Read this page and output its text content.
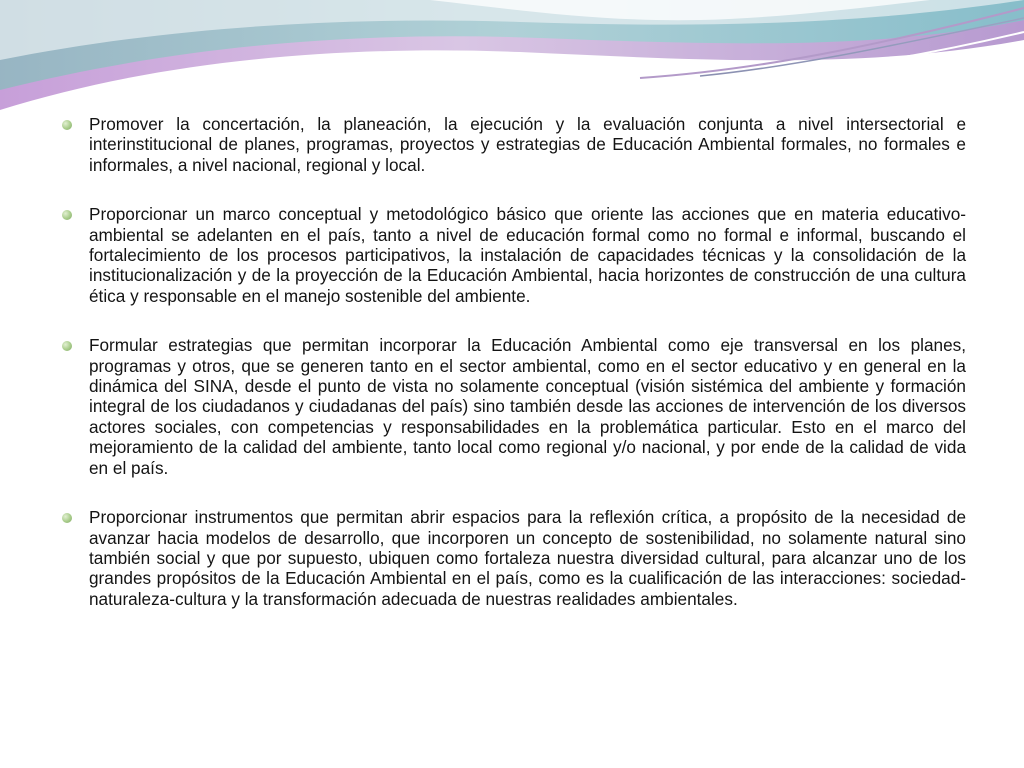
Promover la concertación, la planeación, la ejecución y la evaluación conjunta a nivel intersectorial e interinstitucional de planes, programas, proyectos y estrategias de Educación Ambiental formales, no formales e informales, a nivel nacional, regional y local.
Proporcionar un marco conceptual y metodológico básico que oriente las acciones que en materia educativo-ambiental se adelanten en el país, tanto a nivel de educación formal como no formal e informal, buscando el fortalecimiento de los procesos participativos, la instalación de capacidades técnicas y la consolidación de la institucionalización y de la proyección de la Educación Ambiental, hacia horizontes de construcción de una cultura ética y responsable en el manejo sostenible del ambiente.
Formular estrategias que permitan incorporar la Educación Ambiental como eje transversal en los planes, programas y otros, que se generen tanto en el sector ambiental, como en el sector educativo y en general en la dinámica del SINA, desde el punto de vista no solamente conceptual (visión sistémica del ambiente y formación integral de los ciudadanos y ciudadanas del país) sino también desde las acciones de intervención de los diversos actores sociales, con competencias y responsabilidades en la problemática particular. Esto en el marco del mejoramiento de la calidad del ambiente, tanto local como regional y/o nacional, y por ende de la calidad de vida en el país.
Proporcionar instrumentos que permitan abrir espacios para la reflexión crítica, a propósito de la necesidad de avanzar hacia modelos de desarrollo, que incorporen un concepto de sostenibilidad, no solamente natural sino también social y que por supuesto, ubiquen como fortaleza nuestra diversidad cultural, para alcanzar uno de los grandes propósitos de la Educación Ambiental en el país, como es la cualificación de las interacciones: sociedad-naturaleza-cultura y la transformación adecuada de nuestras realidades ambientales.
